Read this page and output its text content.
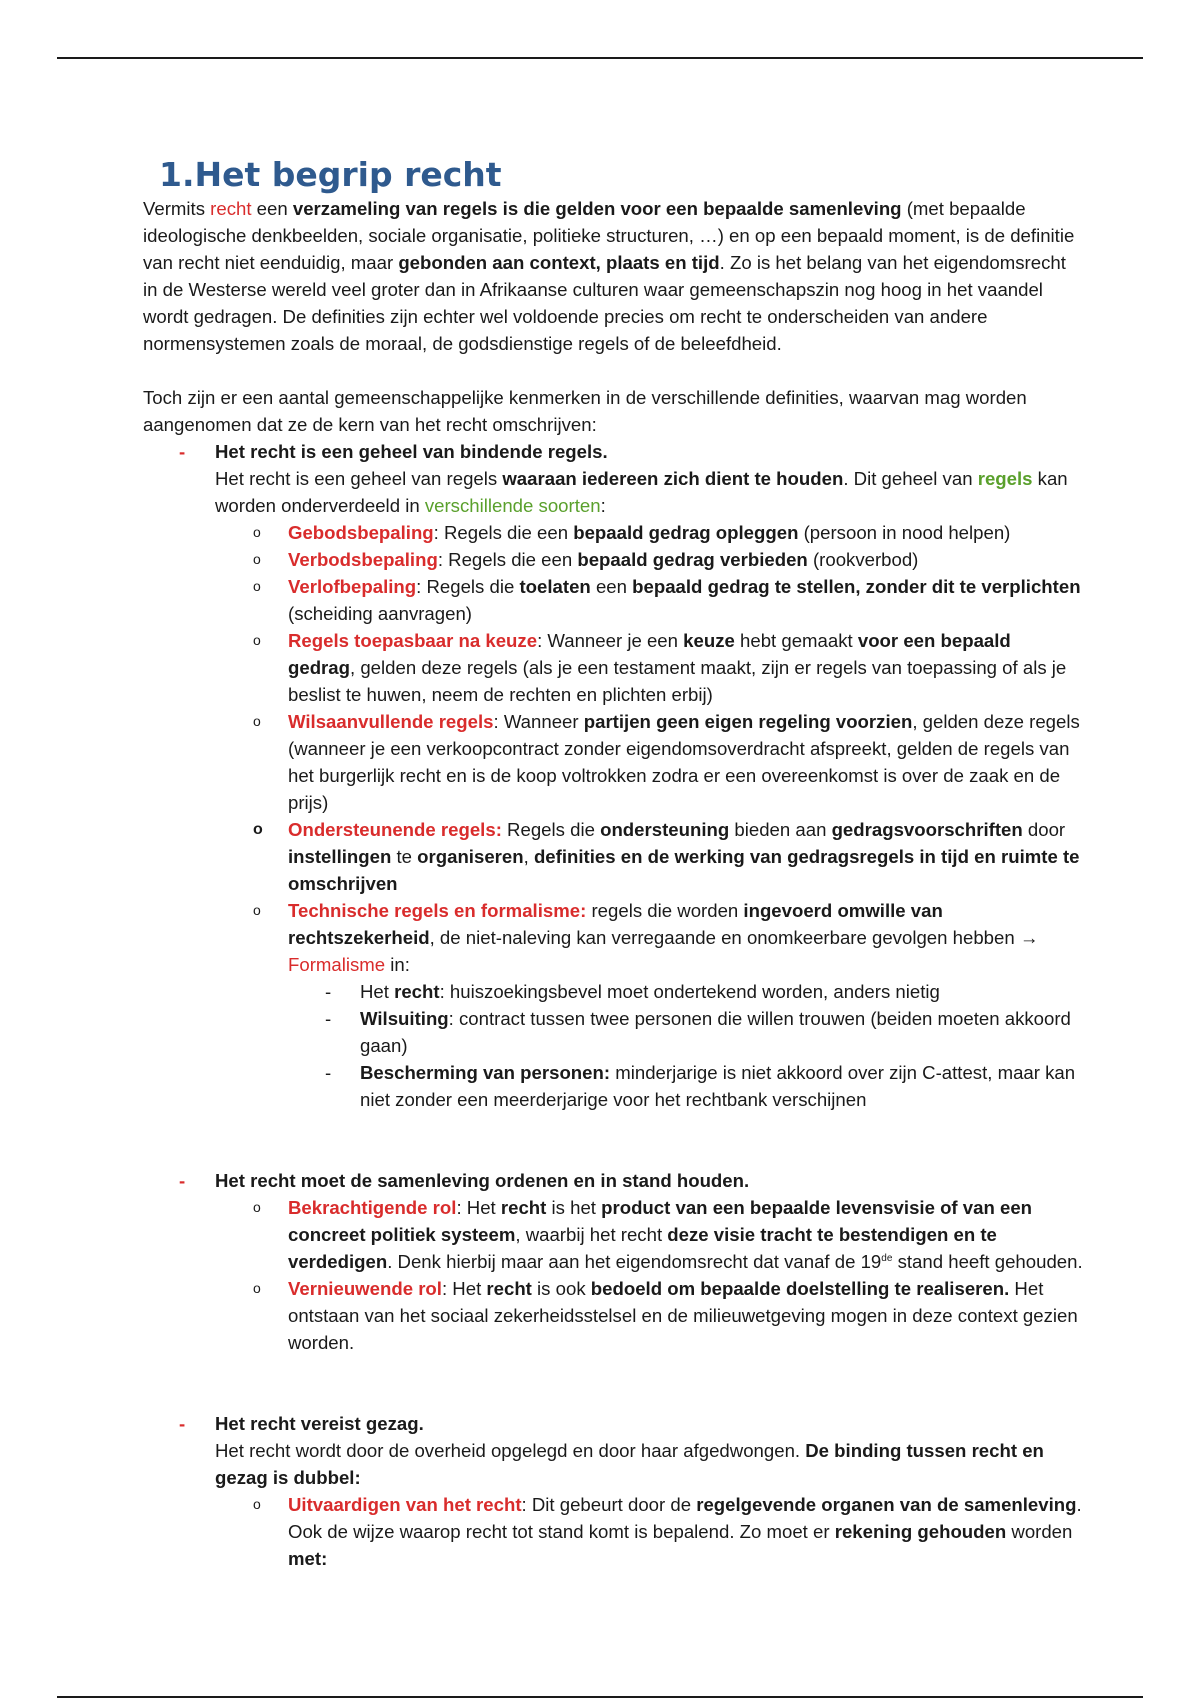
1.Het begrip recht

Vermits recht een verzameling van regels is die gelden voor een bepaalde samenleving (met bepaalde ideologische denkbeelden, sociale organisatie, politieke structuren, …) en op een bepaald moment, is de definitie van recht niet eenduidig, maar gebonden aan context, plaats en tijd. Zo is het belang van het eigendomsrecht in de Westerse wereld veel groter dan in Afrikaanse culturen waar gemeenschapszin nog hoog in het vaandel wordt gedragen. De definities zijn echter wel voldoende precies om recht te onderscheiden van andere normensystemen zoals de moraal, de godsdienstige regels of de beleefdheid.

Toch zijn er een aantal gemeenschappelijke kenmerken in de verschillende definities, waarvan mag worden aangenomen dat ze de kern van het recht omschrijven:

- Het recht is een geheel van bindende regels.

Het recht is een geheel van regels waaraan iedereen zich dient te houden. Dit geheel van regels kan worden onderverdeeld in verschillende soorten:

o Gebodsbepaling: Regels die een bepaald gedrag opleggen (persoon in nood helpen)

o Verbodsbepaling: Regels die een bepaald gedrag verbieden (rookverbod)

o Verlofbepaling: Regels die toelaten een bepaald gedrag te stellen, zonder dit te verplichten (scheiding aanvragen)

o Regels toepasbaar na keuze: Wanneer je een keuze hebt gemaakt voor een bepaald gedrag, gelden deze regels (als je een testament maakt, zijn er regels van toepassing of als je beslist te huwen, neem de rechten en plichten erbij)

o Wilsaanvullende regels: Wanneer partijen geen eigen regeling voorzien, gelden deze regels (wanneer je een verkoopcontract zonder eigendomsoverdracht afspreekt, gelden de regels van het burgerlijk recht en is de koop voltrokken zodra er een overeenkomst is over de zaak en de prijs)

o Ondersteunende regels: Regels die ondersteuning bieden aan gedragsvoorschriften door instellingen te organiseren, definities en de werking van gedragsregels in tijd en ruimte te omschrijven

o Technische regels en formalisme: regels die worden ingevoerd omwille van rechtszekerheid, de niet-naleving kan verregaande en onomkeerbare gevolgen hebben → Formalisme in:

- Het recht: huiszoekingsbevel moet ondertekend worden, anders nietig

- Wilsuiting: contract tussen twee personen die willen trouwen (beiden moeten akkoord gaan)

- Bescherming van personen: minderjarige is niet akkoord over zijn C-attest, maar kan niet zonder een meerderjarige voor het rechtbank verschijnen

- Het recht moet de samenleving ordenen en in stand houden.

o Bekrachtigende rol: Het recht is het product van een bepaalde levensvisie of van een concreet politiek systeem, waarbij het recht deze visie tracht te bestendigen en te verdedigen. Denk hierbij maar aan het eigendomsrecht dat vanaf de 19de stand heeft gehouden.

o Vernieuwende rol: Het recht is ook bedoeld om bepaalde doelstelling te realiseren. Het ontstaan van het sociaal zekerheidsstelsel en de milieuwetgeving mogen in deze context gezien worden.

- Het recht vereist gezag.

Het recht wordt door de overheid opgelegd en door haar afgedwongen. De binding tussen recht en gezag is dubbel:

o Uitvaardigen van het recht: Dit gebeurt door de regelgevende organen van de samenleving. Ook de wijze waarop recht tot stand komt is bepalend. Zo moet er rekening gehouden worden met:
